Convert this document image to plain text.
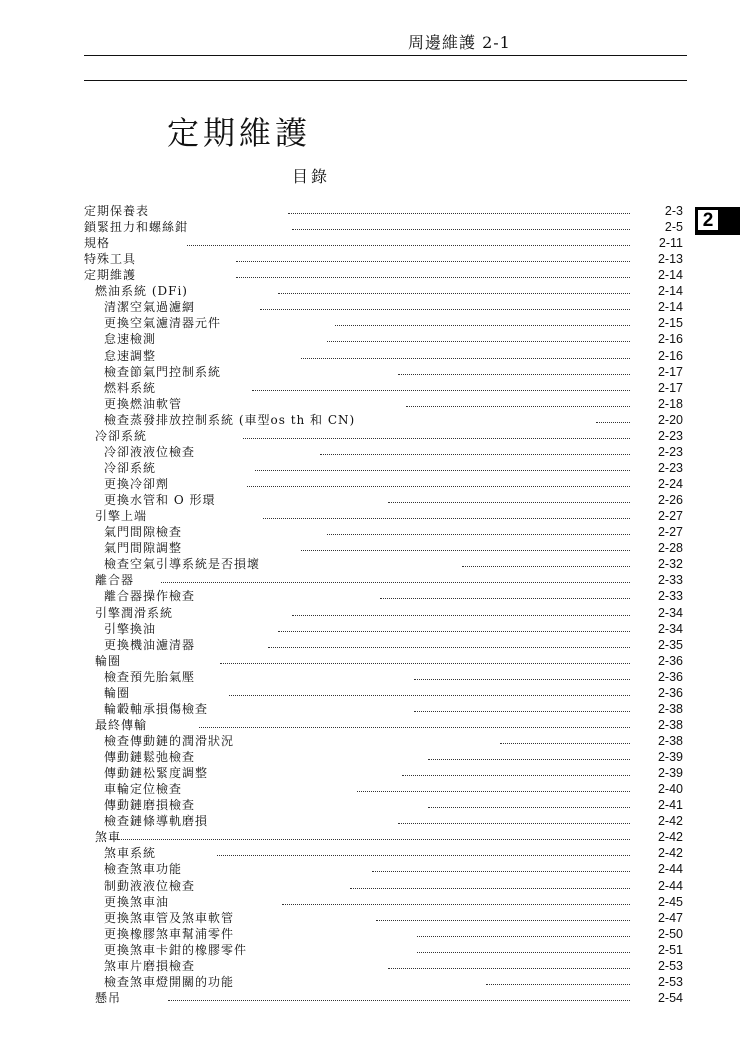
周邊維護 2-1
定期維護
目錄
2
定期保養表	2-3
鎖緊扭力和螺絲鉗	2-5
規格	2-11
特殊工具	2-13
定期維護	2-14
燃油系統 (DFi)	2-14
清潔空氣過濾網	2-14
更換空氣濾清器元件	2-15
怠速檢測	2-16
怠速調整	2-16
檢查節氣門控制系統	2-17
燃料系統	2-17
更換燃油軟管	2-18
檢查蒸發排放控制系統 (車型os th 和 CN)	2-20
冷卻系統	2-23
冷卻液液位檢查	2-23
冷卻系統	2-23
更換冷卻劑	2-24
更換水管和 O 形環	2-26
引擎上端	2-27
氣門間隙檢查	2-27
氣門間隙調整	2-28
檢查空氣引導系統是否損壞	2-32
離合器	2-33
離合器操作檢查	2-33
引擎潤滑系統	2-34
引擎換油	2-34
更換機油濾清器	2-35
輪圈	2-36
檢查預先胎氣壓	2-36
輪圈	2-36
輪轂軸承損傷檢查	2-38
最終傳輸	2-38
檢查傳動鏈的潤滑狀況	2-38
傳動鏈鬆弛檢查	2-39
傳動鏈松緊度調整	2-39
車輪定位檢查	2-40
傳動鏈磨損檢查	2-41
檢查鏈條導軌磨損	2-42
煞車	2-42
煞車系統	2-42
檢查煞車功能	2-44
制動液液位檢查	2-44
更換煞車油	2-45
更換煞車管及煞車軟管	2-47
更換橡膠煞車幫浦零件	2-50
更換煞車卡鉗的橡膠零件	2-51
煞車片磨損檢查	2-53
檢查煞車燈開關的功能	2-53
懸吊	2-54
